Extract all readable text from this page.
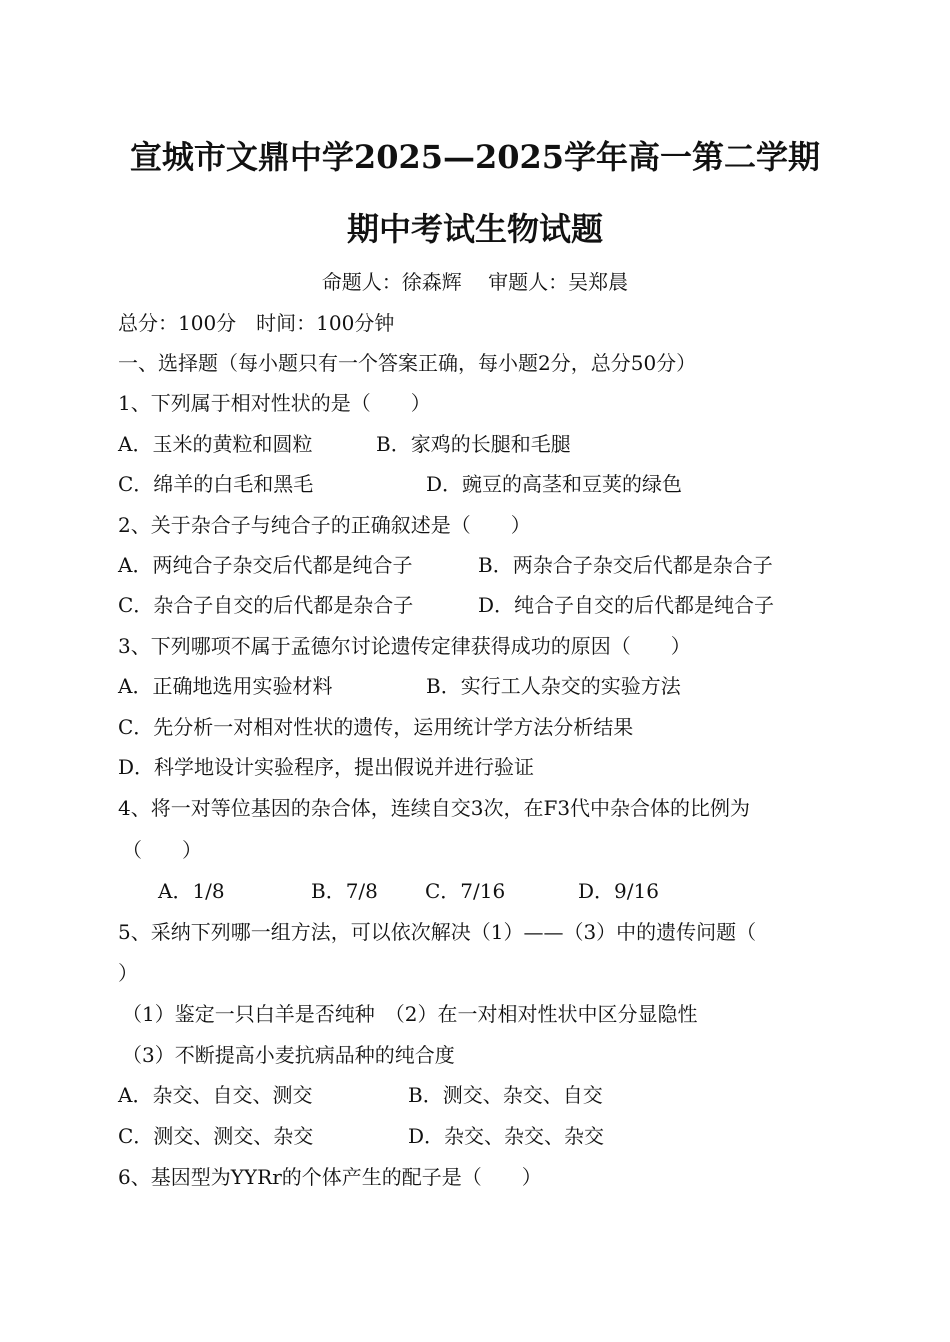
宣城市文鼎中学2025—2025学年高一第二学期
期中考试生物试题
命题人：徐森辉　 审题人：吴郑晨
总分：100分　时间：100分钟
一、选择题（每小题只有一个答案正确，每小题2分，总分50分）
1、下列属于相对性状的是（　　）
A．玉米的黄粒和圆粒	B．家鸡的长腿和毛腿
C．绵羊的白毛和黑毛	D．豌豆的高茎和豆荚的绿色
2、关于杂合子与纯合子的正确叙述是（　　）
A．两纯合子杂交后代都是纯合子	B．两杂合子杂交后代都是杂合子
C．杂合子自交的后代都是杂合子	D．纯合子自交的后代都是纯合子
3、下列哪项不属于孟德尔讨论遗传定律获得成功的原因（　　）
A．正确地选用实验材料	B．实行工人杂交的实验方法
C．先分析一对相对性状的遗传，运用统计学方法分析结果
D．科学地设计实验程序，提出假说并进行验证
4、将一对等位基因的杂合体，连续自交3次，在F3代中杂合体的比例为
（　　）
A．1/8	B．7/8 C．7/16	D．9/16
5、采纳下列哪一组方法，可以依次解决（1）——（3）中的遗传问题（
）
（1）鉴定一只白羊是否纯种　（2）在一对相对性状中区分显隐性
（3）不断提高小麦抗病品种的纯合度
A．杂交、自交、测交	B．测交、杂交、自交
C．测交、测交、杂交	D．杂交、杂交、杂交
6、基因型为YYRr的个体产生的配子是（　　）
